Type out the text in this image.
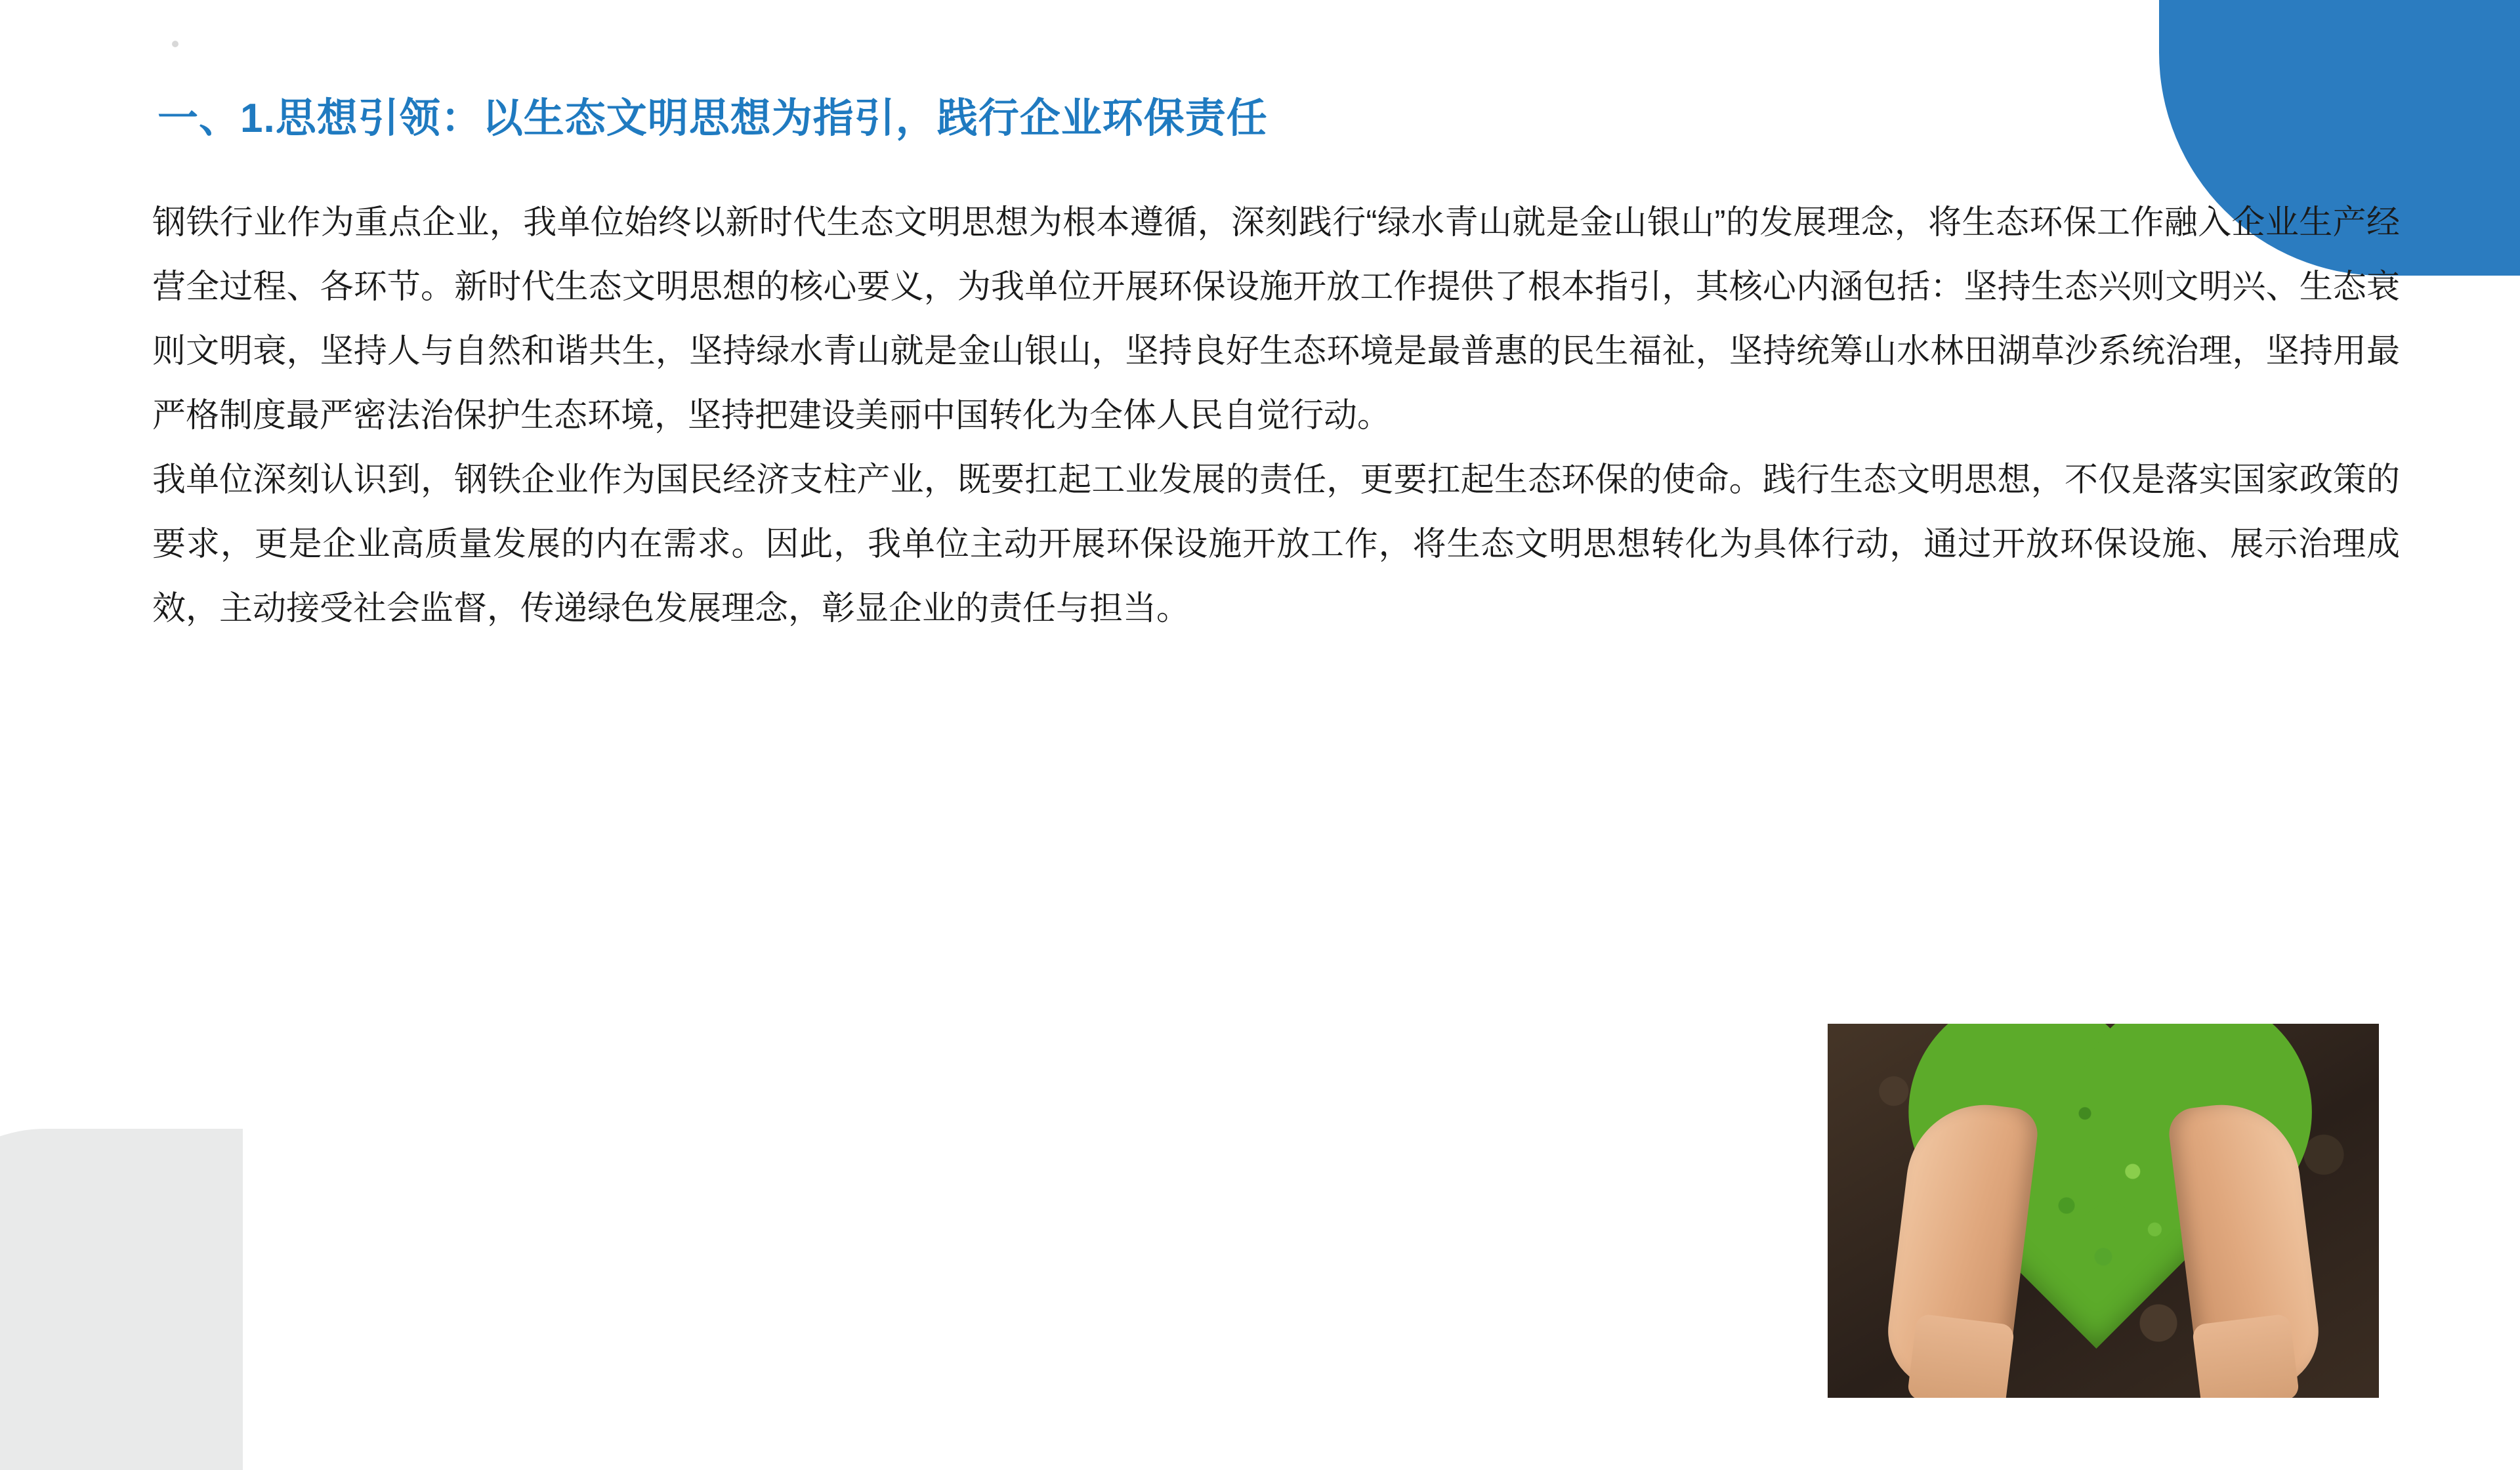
一、1.思想引领：以生态文明思想为指引，践行企业环保责任

钢铁行业作为重点企业，我单位始终以新时代生态文明思想为根本遵循，深刻践行“绿水青山就是金山银山”的发展理念，将生态环保工作融入企业生产经营全过程、各环节。新时代生态文明思想的核心要义，为我单位开展环保设施开放工作提供了根本指引，其核心内涵包括：坚持生态兴则文明兴、生态衰则文明衰，坚持人与自然和谐共生，坚持绿水青山就是金山银山，坚持良好生态环境是最普惠的民生福祉，坚持统筹山水林田湖草沙系统治理，坚持用最严格制度最严密法治保护生态环境，坚持把建设美丽中国转化为全体人民自觉行动。

我单位深刻认识到，钢铁企业作为国民经济支柱产业，既要扛起工业发展的责任，更要扛起生态环保的使命。践行生态文明思想，不仅是落实国家政策的要求，更是企业高质量发展的内在需求。因此，我单位主动开展环保设施开放工作，将生态文明思想转化为具体行动，通过开放环保设施、展示治理成效，主动接受社会监督，传递绿色发展理念，彰显企业的责任与担当。
